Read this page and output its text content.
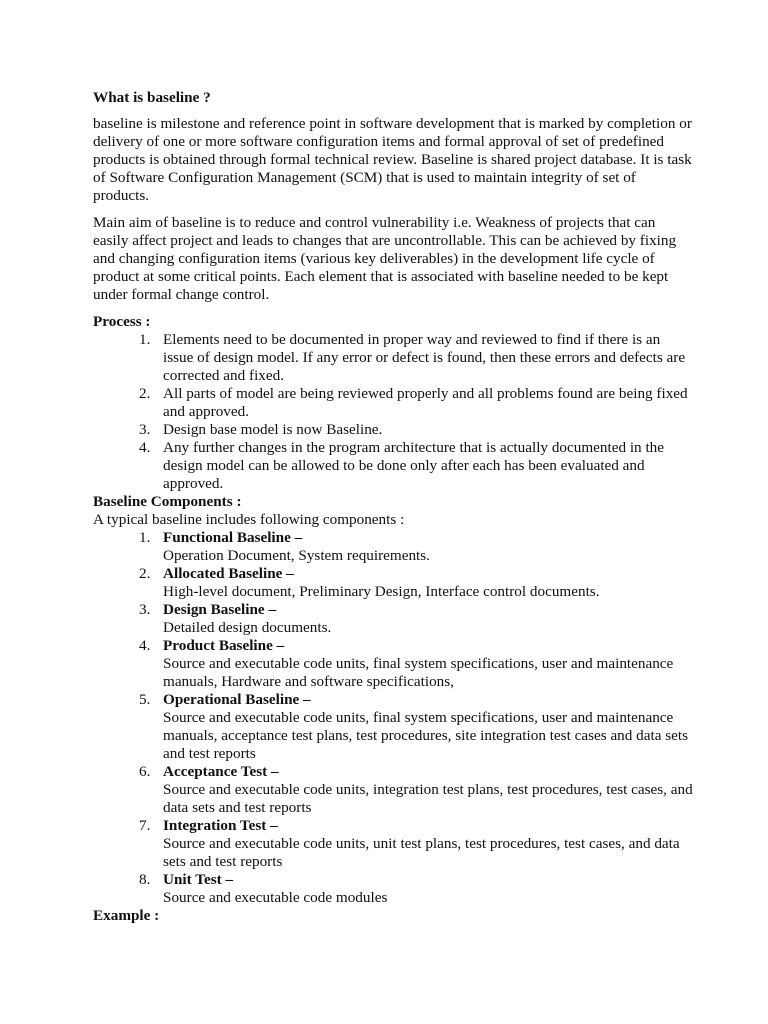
What is baseline ?

baseline is milestone and reference point in software development that is marked by completion or delivery of one or more software configuration items and formal approval of set of predefined products is obtained through formal technical review. Baseline is shared project database. It is task of Software Configuration Management (SCM) that is used to maintain integrity of set of products.

Main aim of baseline is to reduce and control vulnerability i.e. Weakness of projects that can easily affect project and leads to changes that are uncontrollable. This can be achieved by fixing and changing configuration items (various key deliverables) in the development life cycle of product at some critical points. Each element that is associated with baseline needed to be kept under formal change control.

Process :

1. Elements need to be documented in proper way and reviewed to find if there is an issue of design model. If any error or defect is found, then these errors and defects are corrected and fixed.
2. All parts of model are being reviewed properly and all problems found are being fixed and approved.
3. Design base model is now Baseline.
4. Any further changes in the program architecture that is actually documented in the design model can be allowed to be done only after each has been evaluated and approved.

Baseline Components :

A typical baseline includes following components :

1. Functional Baseline –
Operation Document, System requirements.
2. Allocated Baseline –
High-level document, Preliminary Design, Interface control documents.
3. Design Baseline –
Detailed design documents.
4. Product Baseline –
Source and executable code units, final system specifications, user and maintenance manuals, Hardware and software specifications,
5. Operational Baseline –
Source and executable code units, final system specifications, user and maintenance manuals, acceptance test plans, test procedures, site integration test cases and data sets and test reports
6. Acceptance Test –
Source and executable code units, integration test plans, test procedures, test cases, and data sets and test reports
7. Integration Test –
Source and executable code units, unit test plans, test procedures, test cases, and data sets and test reports
8. Unit Test –
Source and executable code modules

Example :
